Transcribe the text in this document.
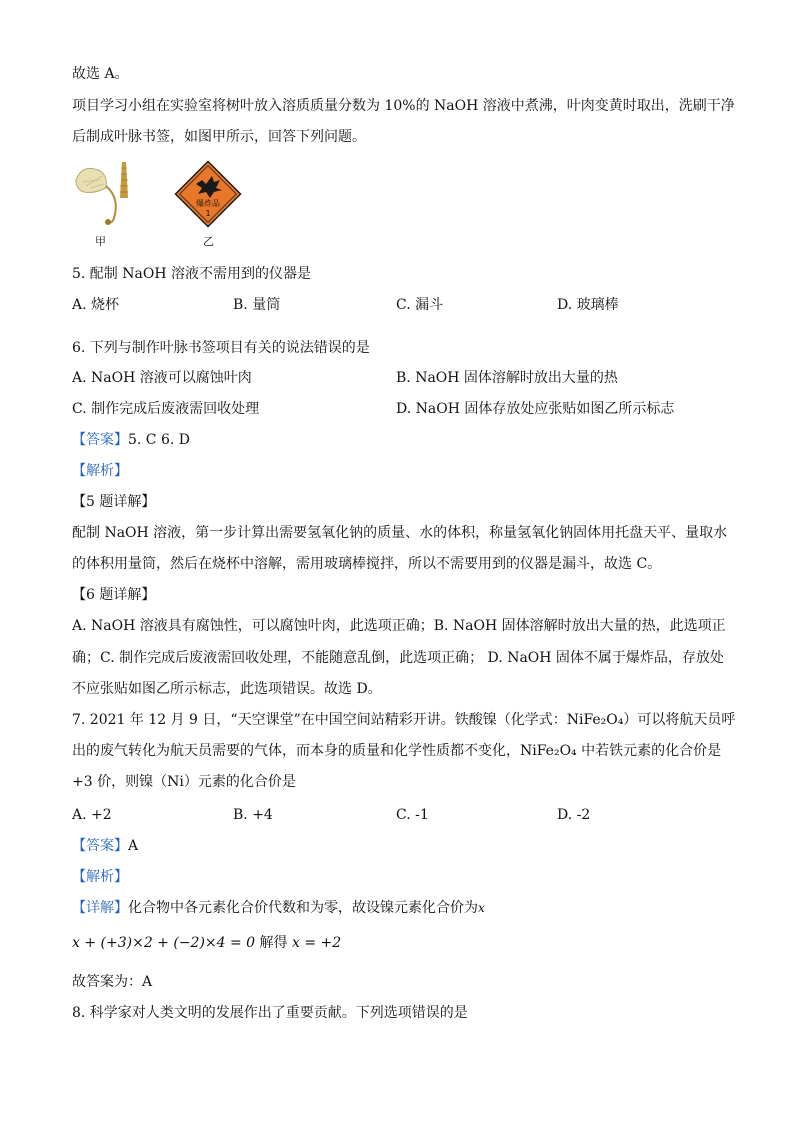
故选 A。
项目学习小组在实验室将树叶放入溶质质量分数为 10%的 NaOH 溶液中煮沸，叶肉变黄时取出，洗刷干净
后制成叶脉书签，如图甲所示，回答下列问题。
甲
爆炸品
1
乙
5. 配制 NaOH 溶液不需用到的仪器是
A. 烧杯	B. 量筒	C. 漏斗	D. 玻璃棒
6. 下列与制作叶脉书签项目有关的说法错误的是
A. NaOH 溶液可以腐蚀叶肉	B. NaOH 固体溶解时放出大量的热
C. 制作完成后废液需回收处理	D. NaOH 固体存放处应张贴如图乙所示标志
【答案】5. C 6. D
【解析】
【5 题详解】
配制 NaOH 溶液，第一步计算出需要氢氧化钠的质量、水的体积，称量氢氧化钠固体用托盘天平、量取水
的体积用量筒，然后在烧杯中溶解，需用玻璃棒搅拌，所以不需要用到的仪器是漏斗，故选 C。
【6 题详解】
A. NaOH 溶液具有腐蚀性，可以腐蚀叶肉，此选项正确；B. NaOH 固体溶解时放出大量的热，此选项正
确；C. 制作完成后废液需回收处理，不能随意乱倒，此选项正确； D. NaOH 固体不属于爆炸品，存放处
不应张贴如图乙所示标志，此选项错误。故选 D。
7. 2021 年 12 月 9 日，“天空课堂”在中国空间站精彩开讲。铁酸镍（化学式：NiFe₂O₄）可以将航天员呼
出的废气转化为航天员需要的气体，而本身的质量和化学性质都不变化，NiFe₂O₄ 中若铁元素的化合价是
+3 价，则镍（Ni）元素的化合价是
A. +2	B. +4	C. -1	D. -2
【答案】A
【解析】
【详解】化合物中各元素化合价代数和为零，故设镍元素化合价为x
x + (+3)×2 + (−2)×4 = 0 解得 x = +2
故答案为：A
8. 科学家对人类文明的发展作出了重要贡献。下列选项错误的是
